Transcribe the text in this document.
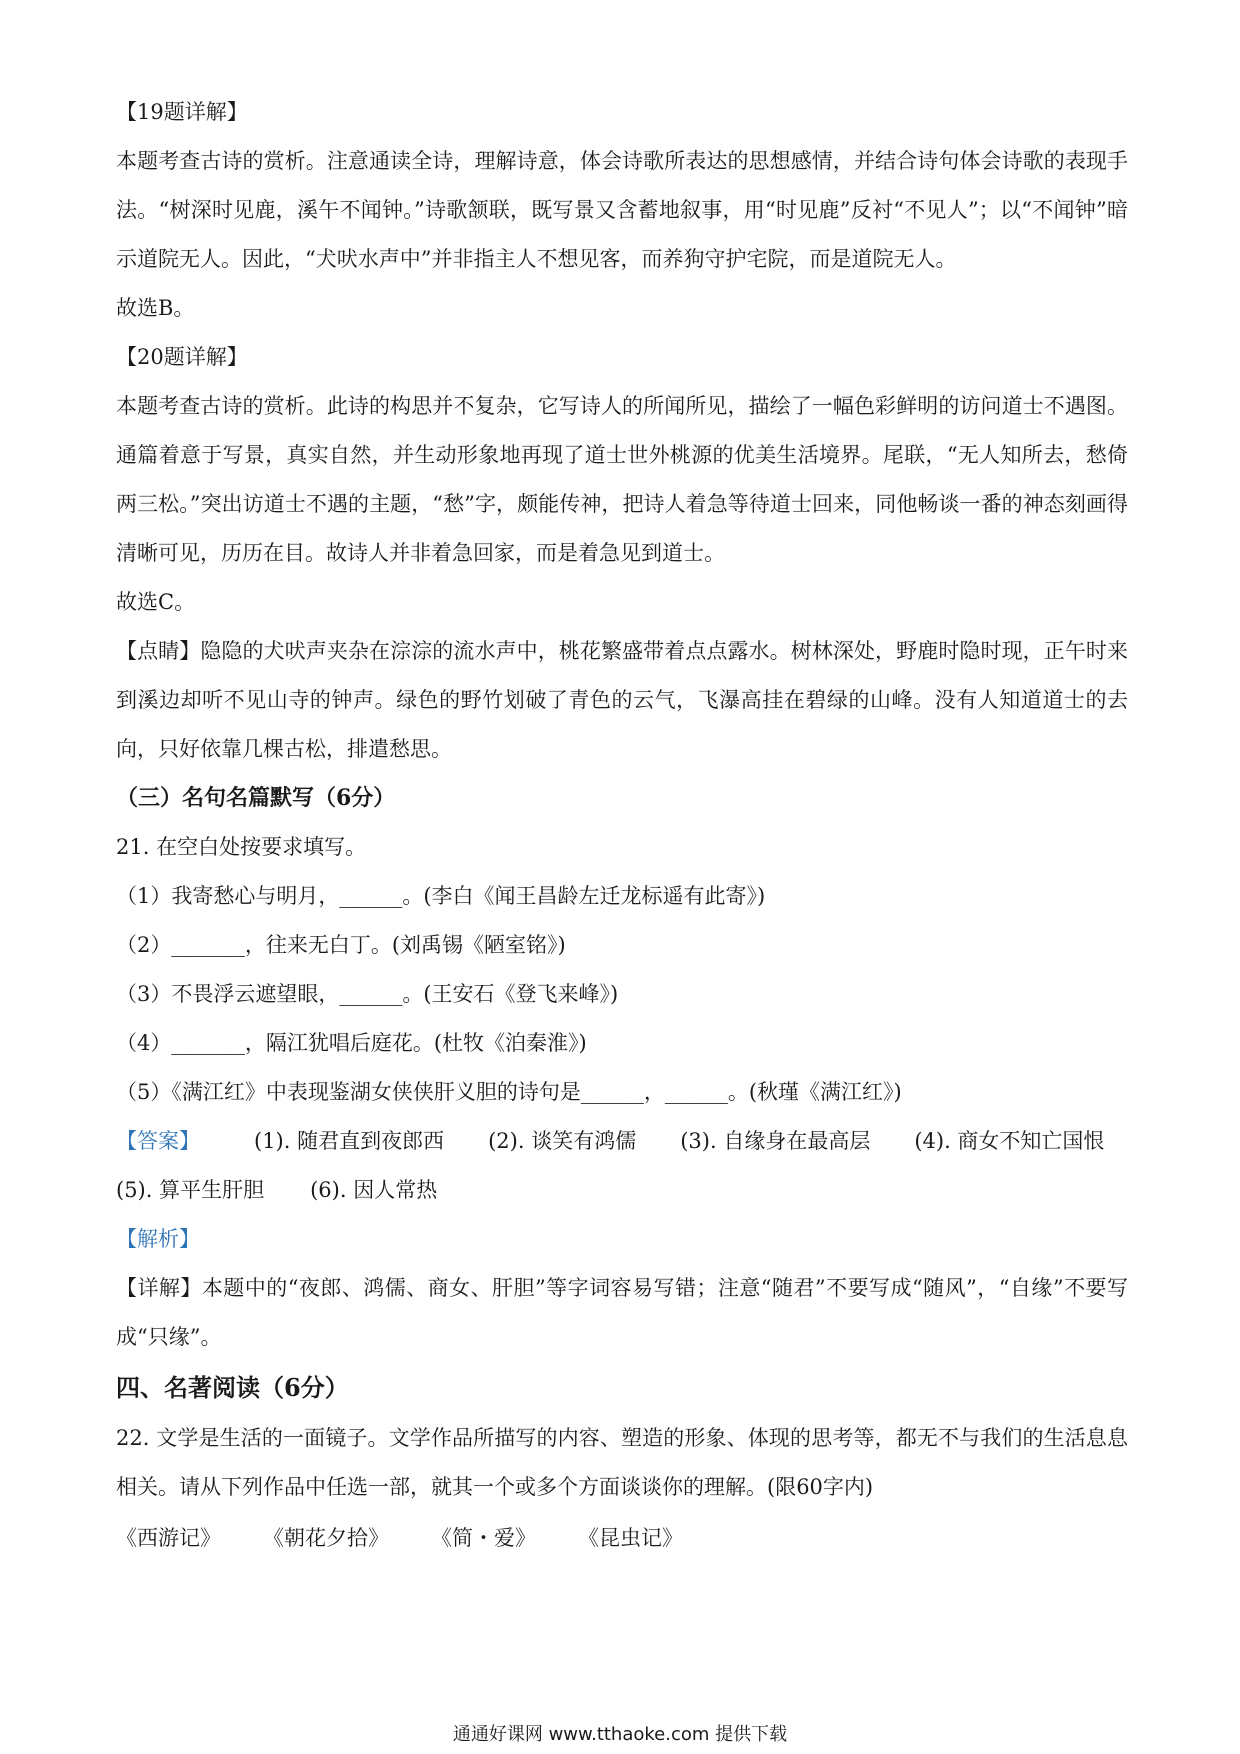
【19题详解】

本题考查古诗的赏析。注意通读全诗，理解诗意，体会诗歌所表达的思想感情，并结合诗句体会诗歌的表现手法。“树深时见鹿，溪午不闻钟。”诗歌颔联，既写景又含蓄地叙事，用“时见鹿”反衬“不见人”；以“不闻钟”暗示道院无人。因此，“犬吠水声中”并非指主人不想见客，而养狗守护宅院，而是道院无人。

故选B。

【20题详解】

本题考查古诗的赏析。此诗的构思并不复杂，它写诗人的所闻所见，描绘了一幅色彩鲜明的访问道士不遇图。通篇着意于写景，真实自然，并生动形象地再现了道士世外桃源的优美生活境界。尾联，“无人知所去，愁倚两三松。”突出访道士不遇的主题，“愁”字，颇能传神，把诗人着急等待道士回来，同他畅谈一番的神态刻画得清晰可见，历历在目。故诗人并非着急回家，而是着急见到道士。

故选C。

【点睛】隐隐的犬吠声夹杂在淙淙的流水声中，桃花繁盛带着点点露水。树林深处，野鹿时隐时现，正午时来到溪边却听不见山寺的钟声。绿色的野竹划破了青色的云气，飞瀑高挂在碧绿的山峰。没有人知道道士的去向，只好依靠几棵古松，排遣愁思。

（三）名句名篇默写（6分）

21. 在空白处按要求填写。

（1）我寄愁心与明月，______。(李白《闻王昌龄左迁龙标遥有此寄》)

（2）_______，往来无白丁。(刘禹锡《陋室铭》)

（3）不畏浮云遮望眼，______。(王安石《登飞来峰》)

（4）_______，隔江犹唱后庭花。(杜牧《泊秦淮》)

（5）《满江红》中表现鉴湖女侠侠肝义胆的诗句是______，______。(秋瑾《满江红》)

【答案】	(1). 随君直到夜郎西 (2). 谈笑有鸿儒 (3). 自缘身在最高层 (4). 商女不知亡国恨
(5). 算平生肝胆 (6). 因人常热

【解析】

【详解】本题中的“夜郎、鸿儒、商女、肝胆”等字词容易写错；注意“随君”不要写成“随风”，“自缘”不要写成“只缘”。

四、名著阅读（6分）

22. 文学是生活的一面镜子。文学作品所描写的内容、塑造的形象、体现的思考等，都无不与我们的生活息息相关。请从下列作品中任选一部，就其一个或多个方面谈谈你的理解。(限60字内)

《西游记》 《朝花夕拾》 《简・爱》 《昆虫记》
通通好课网 www.tthaoke.com 提供下载
